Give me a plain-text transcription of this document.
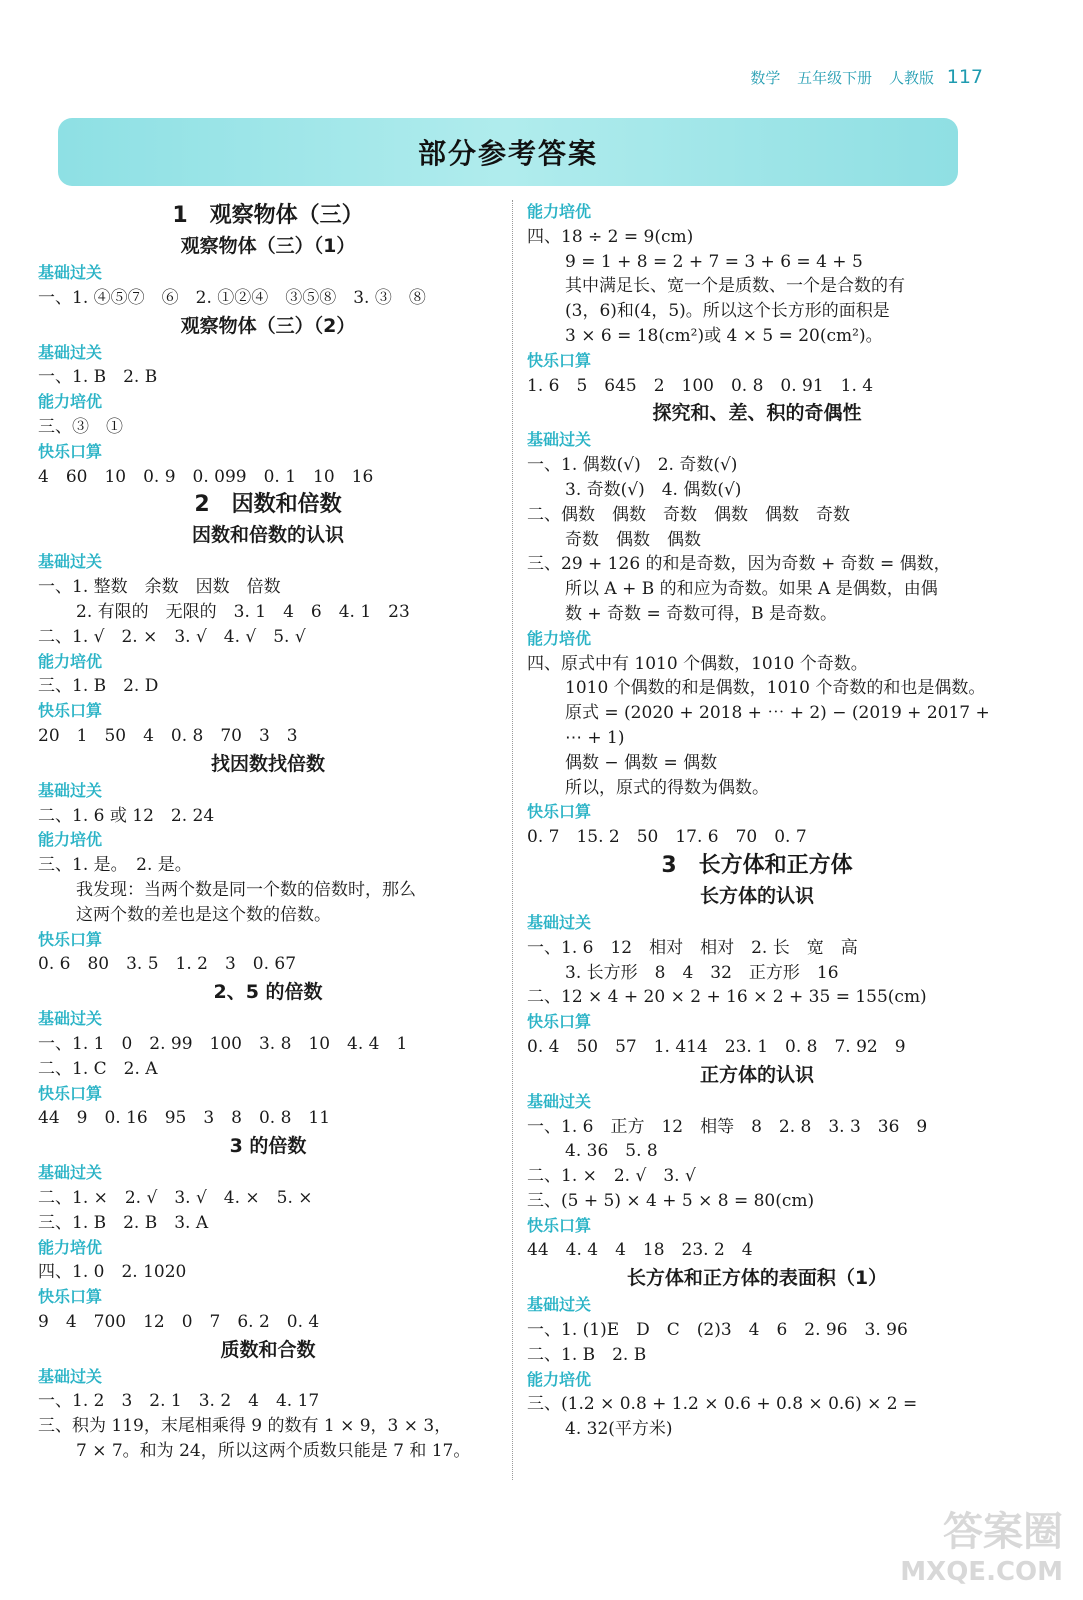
数学 五年级下册 人教版 117
部分参考答案
1　观察物体（三）
观察物体（三）（1）
基础过关
一、1. ④⑤⑦　⑥　2. ①②④　③⑤⑧　3. ③　⑧
观察物体（三）（2）
基础过关
一、1. B　2. B
能力培优
三、③　①
快乐口算
4　60　10　0. 9　0. 099　0. 1　10　16
2　因数和倍数
因数和倍数的认识
基础过关
一、1. 整数　余数　因数　倍数
2. 有限的　无限的　3. 1　4　6　4. 1　23
二、1. √　2. ×　3. √　4. √　5. √
能力培优
三、1. B　2. D
快乐口算
20　1　50　4　0. 8　70　3　3
找因数找倍数
基础过关
二、1. 6 或 12　2. 24
能力培优
三、1. 是。　2. 是。
我发现：当两个数是同一个数的倍数时，那么
这两个数的差也是这个数的倍数。
快乐口算
0. 6　80　3. 5　1. 2　3　0. 67
2、5 的倍数
基础过关
一、1. 1　0　2. 99　100　3. 8　10　4. 4　1
二、1. C　2. A
快乐口算
44　9　0. 16　95　3　8　0. 8　11
3 的倍数
基础过关
二、1. ×　2. √　3. √　4. ×　5. ×
三、1. B　2. B　3. A
能力培优
四、1. 0　2. 1020
快乐口算
9　4　700　12　0　7　6. 2　0. 4
质数和合数
基础过关
一、1. 2　3　2. 1　3. 2　4　4. 17
三、积为 119，末尾相乘得 9 的数有 1 × 9，3 × 3，
7 × 7。和为 24，所以这两个质数只能是 7 和 17。
能力培优
四、18 ÷ 2 = 9(cm)
9 = 1 + 8 = 2 + 7 = 3 + 6 = 4 + 5
其中满足长、宽一个是质数、一个是合数的有
(3，6)和(4，5)。所以这个长方形的面积是
3 × 6 = 18(cm²)或 4 × 5 = 20(cm²)。
快乐口算
1. 6　5　645　2　100　0. 8　0. 91　1. 4
探究和、差、积的奇偶性
基础过关
一、1. 偶数(√)　2. 奇数(√)
3. 奇数(√)　4. 偶数(√)
二、偶数　偶数　奇数　偶数　偶数　奇数
奇数　偶数　偶数
三、29 + 126 的和是奇数，因为奇数 + 奇数 = 偶数，
所以 A + B 的和应为奇数。如果 A 是偶数，由偶
数 + 奇数 = 奇数可得，B 是奇数。
能力培优
四、原式中有 1010 个偶数，1010 个奇数。
1010 个偶数的和是偶数，1010 个奇数的和也是偶数。
原式 = (2020 + 2018 + ⋯ + 2) − (2019 + 2017 +
⋯ + 1)
偶数 − 偶数 = 偶数
所以，原式的得数为偶数。
快乐口算
0. 7　15. 2　50　17. 6　70　0. 7
3　长方体和正方体
长方体的认识
基础过关
一、1. 6　12　相对　相对　2. 长　宽　高
3. 长方形　8　4　32　正方形　16
二、12 × 4 + 20 × 2 + 16 × 2 + 35 = 155(cm)
快乐口算
0. 4　50　57　1. 414　23. 1　0. 8　7. 92　9
正方体的认识
基础过关
一、1. 6　正方　12　相等　8　2. 8　3. 3　36　9
4. 36　5. 8
二、1. ×　2. √　3. √
三、(5 + 5) × 4 + 5 × 8 = 80(cm)
快乐口算
44　4. 4　4　18　23. 2　4
长方体和正方体的表面积（1）
基础过关
一、1. (1)E　D　C　(2)3　4　6　2. 96　3. 96
二、1. B　2. B
能力培优
三、(1.2 × 0.8 + 1.2 × 0.6 + 0.8 × 0.6) × 2 =
4. 32(平方米)
答案圈
MXQE.COM
